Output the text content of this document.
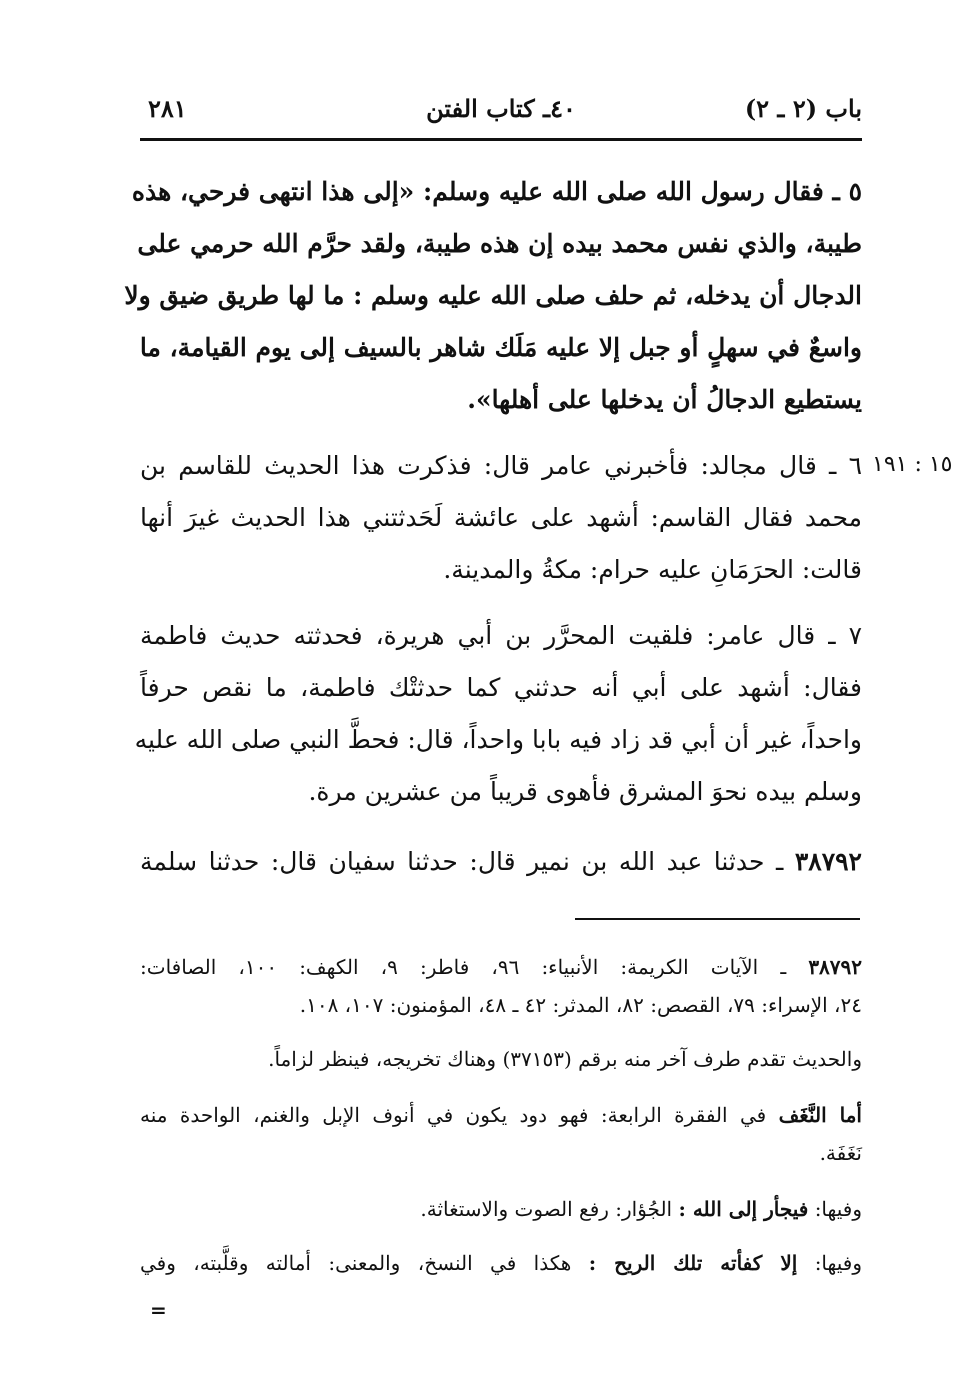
٢٨١	٤٠ـ كتاب الفتن	باب (٢ ـ ٢)
١٥ : ١٩١
٥ ـ فقال رسول الله صلى الله عليه وسلم: «إلى هذا انتهى فرحي، هذه
طيبة، والذي نفس محمد بيده إن هذه طيبة، ولقد حرَّم الله حرمي على
الدجال أن يدخله، ثم حلف صلى الله عليه وسلم : ما لها طريق ضيق ولا
واسعٌ في سهلٍ أو جبل إلا عليه مَلَك شاهر بالسيف إلى يوم القيامة، ما
يستطيع الدجالُ أن يدخلها على أهلها».
٦ ـ قال مجالد: فأخبرني عامر قال: فذكرت هذا الحديث للقاسم بن
محمد فقال القاسم: أشهد على عائشة لَحَدثتني هذا الحديث غيرَ أنها
قالت: الحرَمَانِ عليه حرام: مكةُ والمدينة.
٧ ـ قال عامر: فلقيت المحرَّر بن أبي هريرة، فحدثته حديث فاطمة
فقال: أشهد على أبي أنه حدثني كما حدثتْك فاطمة، ما نقص حرفاً
واحداً، غير أن أبي قد زاد فيه بابا واحداً، قال: فحطَّ النبي صلى الله عليه
وسلم بيده نحوَ المشرق فأهوى قريباً من عشرين مرة.
٣٨٧٩٢ ـ حدثنا عبد الله بن نمير قال: حدثنا سفيان قال: حدثنا سلمة
٣٨٧٩٢ ـ الآيات الكريمة: الأنبياء: ٩٦، فاطر: ٩، الكهف: ١٠٠، الصافات:
٢٤، الإسراء: ٧٩، القصص: ٨٢، المدثر: ٤٢ ـ ٤٨، المؤمنون: ١٠٧، ١٠٨.
والحديث تقدم طرف آخر منه برقم (٣٧١٥٣) وهناك تخريجه، فينظر لزاماً.
أما النَّغَف في الفقرة الرابعة: فهو دود يكون في أنوف الإبل والغنم، الواحدة منه
نَغَفَة.
وفيها: فيجأر إلى الله : الجُؤار: رفع الصوت والاستغاثة.
وفيها: إلا كفأته تلك الريح : هكذا في النسخ، والمعنى: أمالته وقلَّبته، وفي
=
